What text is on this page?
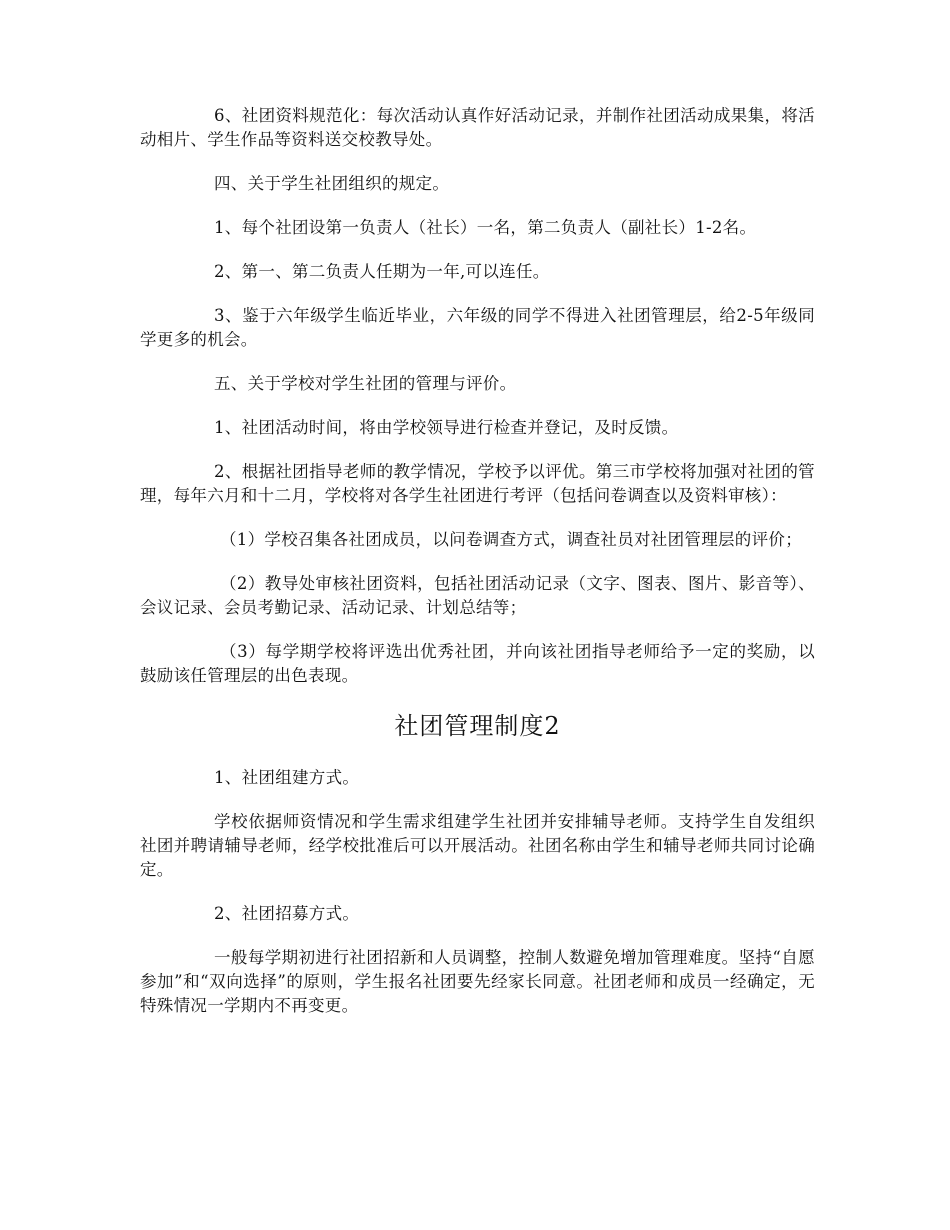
6、社团资料规范化：每次活动认真作好活动记录，并制作社团活动成果集，将活动相片、学生作品等资料送交校教导处。

四、关于学生社团组织的规定。

1、每个社团设第一负责人（社长）一名，第二负责人（副社长）1-2名。

2、第一、第二负责人任期为一年,可以连任。

3、鉴于六年级学生临近毕业，六年级的同学不得进入社团管理层，给2-5年级同学更多的机会。

五、关于学校对学生社团的管理与评价。

1、社团活动时间，将由学校领导进行检查并登记，及时反馈。

2、根据社团指导老师的教学情况，学校予以评优。第三市学校将加强对社团的管理，每年六月和十二月，学校将对各学生社团进行考评（包括问卷调查以及资料审核）：

（1）学校召集各社团成员，以问卷调查方式，调查社员对社团管理层的评价；

（2）教导处审核社团资料，包括社团活动记录（文字、图表、图片、影音等）、会议记录、会员考勤记录、活动记录、计划总结等；

（3）每学期学校将评选出优秀社团，并向该社团指导老师给予一定的奖励，以鼓励该任管理层的出色表现。

社团管理制度2

1、社团组建方式。

学校依据师资情况和学生需求组建学生社团并安排辅导老师。支持学生自发组织社团并聘请辅导老师，经学校批准后可以开展活动。社团名称由学生和辅导老师共同讨论确定。

2、社团招募方式。

一般每学期初进行社团招新和人员调整，控制人数避免增加管理难度。坚持“自愿参加”和“双向选择”的原则，学生报名社团要先经家长同意。社团老师和成员一经确定，无特殊情况一学期内不再变更。
